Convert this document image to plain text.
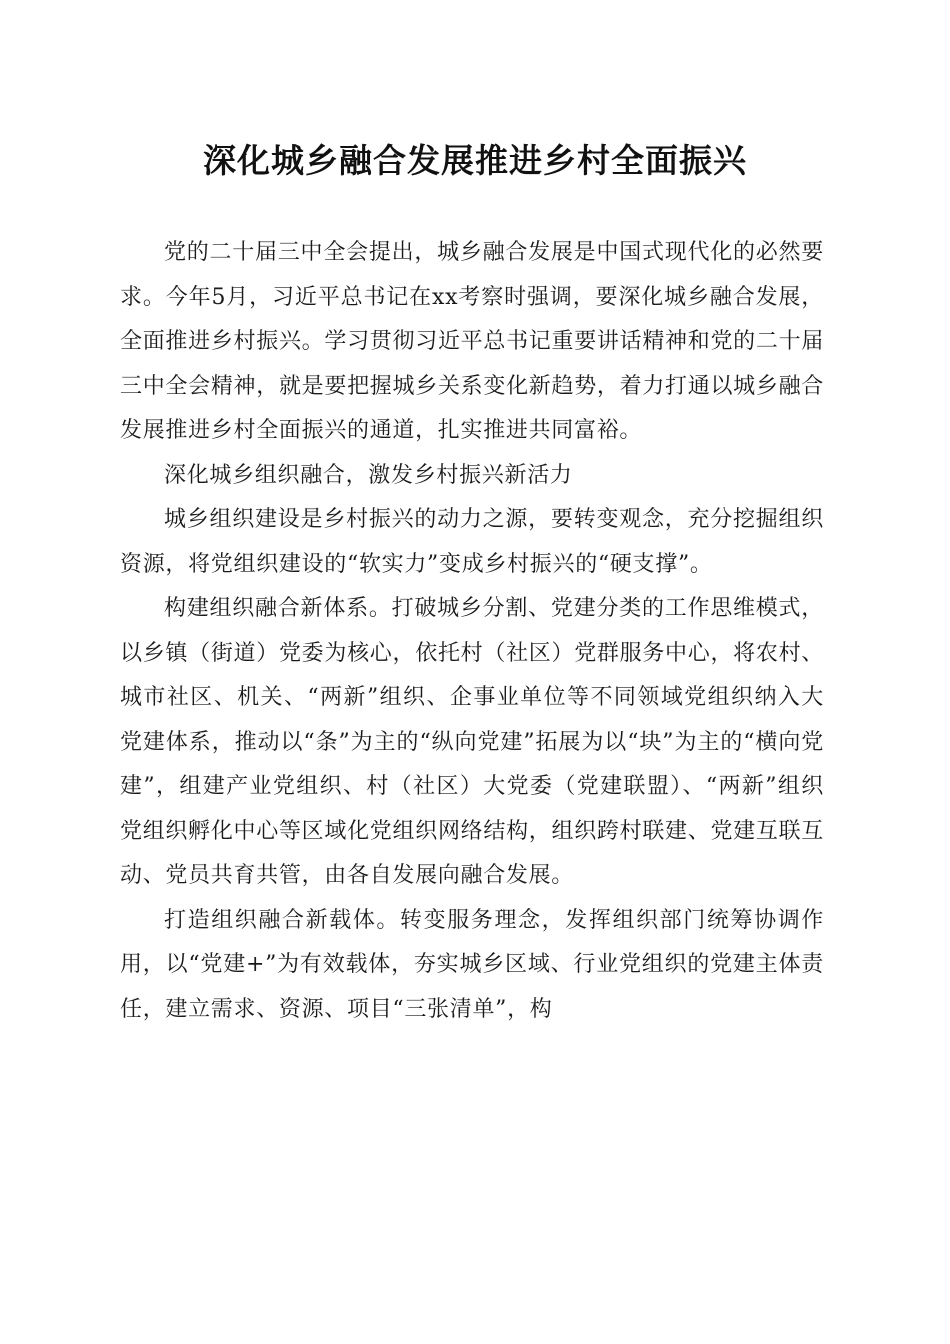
深化城乡融合发展推进乡村全面振兴

党的二十届三中全会提出，城乡融合发展是中国式现代化的必然要求。今年5月，习近平总书记在xx考察时强调，要深化城乡融合发展，全面推进乡村振兴。学习贯彻习近平总书记重要讲话精神和党的二十届三中全会精神，就是要把握城乡关系变化新趋势，着力打通以城乡融合发展推进乡村全面振兴的通道，扎实推进共同富裕。

深化城乡组织融合，激发乡村振兴新活力

城乡组织建设是乡村振兴的动力之源，要转变观念，充分挖掘组织资源，将党组织建设的“软实力”变成乡村振兴的“硬支撑”。

构建组织融合新体系。打破城乡分割、党建分类的工作思维模式，以乡镇（街道）党委为核心，依托村（社区）党群服务中心，将农村、城市社区、机关、“两新”组织、企事业单位等不同领域党组织纳入大党建体系，推动以“条”为主的“纵向党建”拓展为以“块”为主的“横向党建”，组建产业党组织、村（社区）大党委（党建联盟）、“两新”组织党组织孵化中心等区域化党组织网络结构，组织跨村联建、党建互联互动、党员共育共管，由各自发展向融合发展。

打造组织融合新载体。转变服务理念，发挥组织部门统筹协调作用，以“党建+”为有效载体，夯实城乡区域、行业党组织的党建主体责任，建立需求、资源、项目“三张清单”，构
